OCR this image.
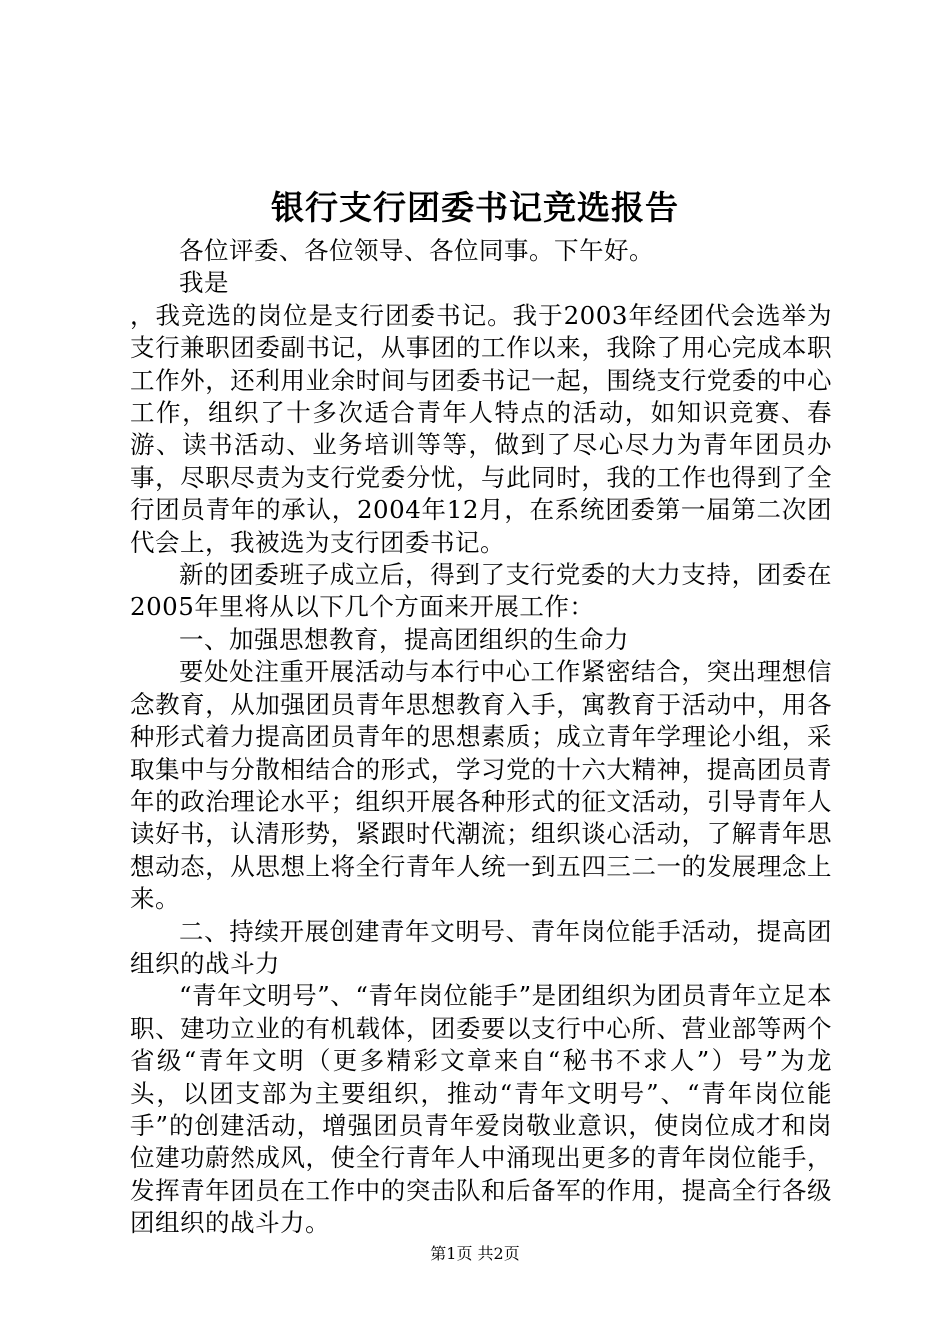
银行支行团委书记竞选报告

各位评委、各位领导、各位同事。下午好。

我是

，我竞选的岗位是支行团委书记。我于2003年经团代会选举为支行兼职团委副书记，从事团的工作以来，我除了用心完成本职工作外，还利用业余时间与团委书记一起，围绕支行党委的中心工作，组织了十多次适合青年人特点的活动，如知识竞赛、春游、读书活动、业务培训等等，做到了尽心尽力为青年团员办事，尽职尽责为支行党委分忧，与此同时，我的工作也得到了全行团员青年的承认，2004年12月，在系统团委第一届第二次团代会上，我被选为支行团委书记。

新的团委班子成立后，得到了支行党委的大力支持，团委在2005年里将从以下几个方面来开展工作：

一、加强思想教育，提高团组织的生命力

要处处注重开展活动与本行中心工作紧密结合，突出理想信念教育，从加强团员青年思想教育入手，寓教育于活动中，用各种形式着力提高团员青年的思想素质；成立青年学理论小组，采取集中与分散相结合的形式，学习党的十六大精神，提高团员青年的政治理论水平；组织开展各种形式的征文活动，引导青年人读好书，认清形势，紧跟时代潮流；组织谈心活动，了解青年思想动态，从思想上将全行青年人统一到五四三二一的发展理念上来。

二、持续开展创建青年文明号、青年岗位能手活动，提高团组织的战斗力

“青年文明号”、“青年岗位能手”是团组织为团员青年立足本职、建功立业的有机载体，团委要以支行中心所、营业部等两个省级“青年文明（更多精彩文章来自“秘书不求人”）号”为龙头，以团支部为主要组织，推动“青年文明号”、“青年岗位能手”的创建活动，增强团员青年爱岗敬业意识，使岗位成才和岗位建功蔚然成风，使全行青年人中涌现出更多的青年岗位能手，发挥青年团员在工作中的突击队和后备军的作用，提高全行各级团组织的战斗力。

第1页 共2页
